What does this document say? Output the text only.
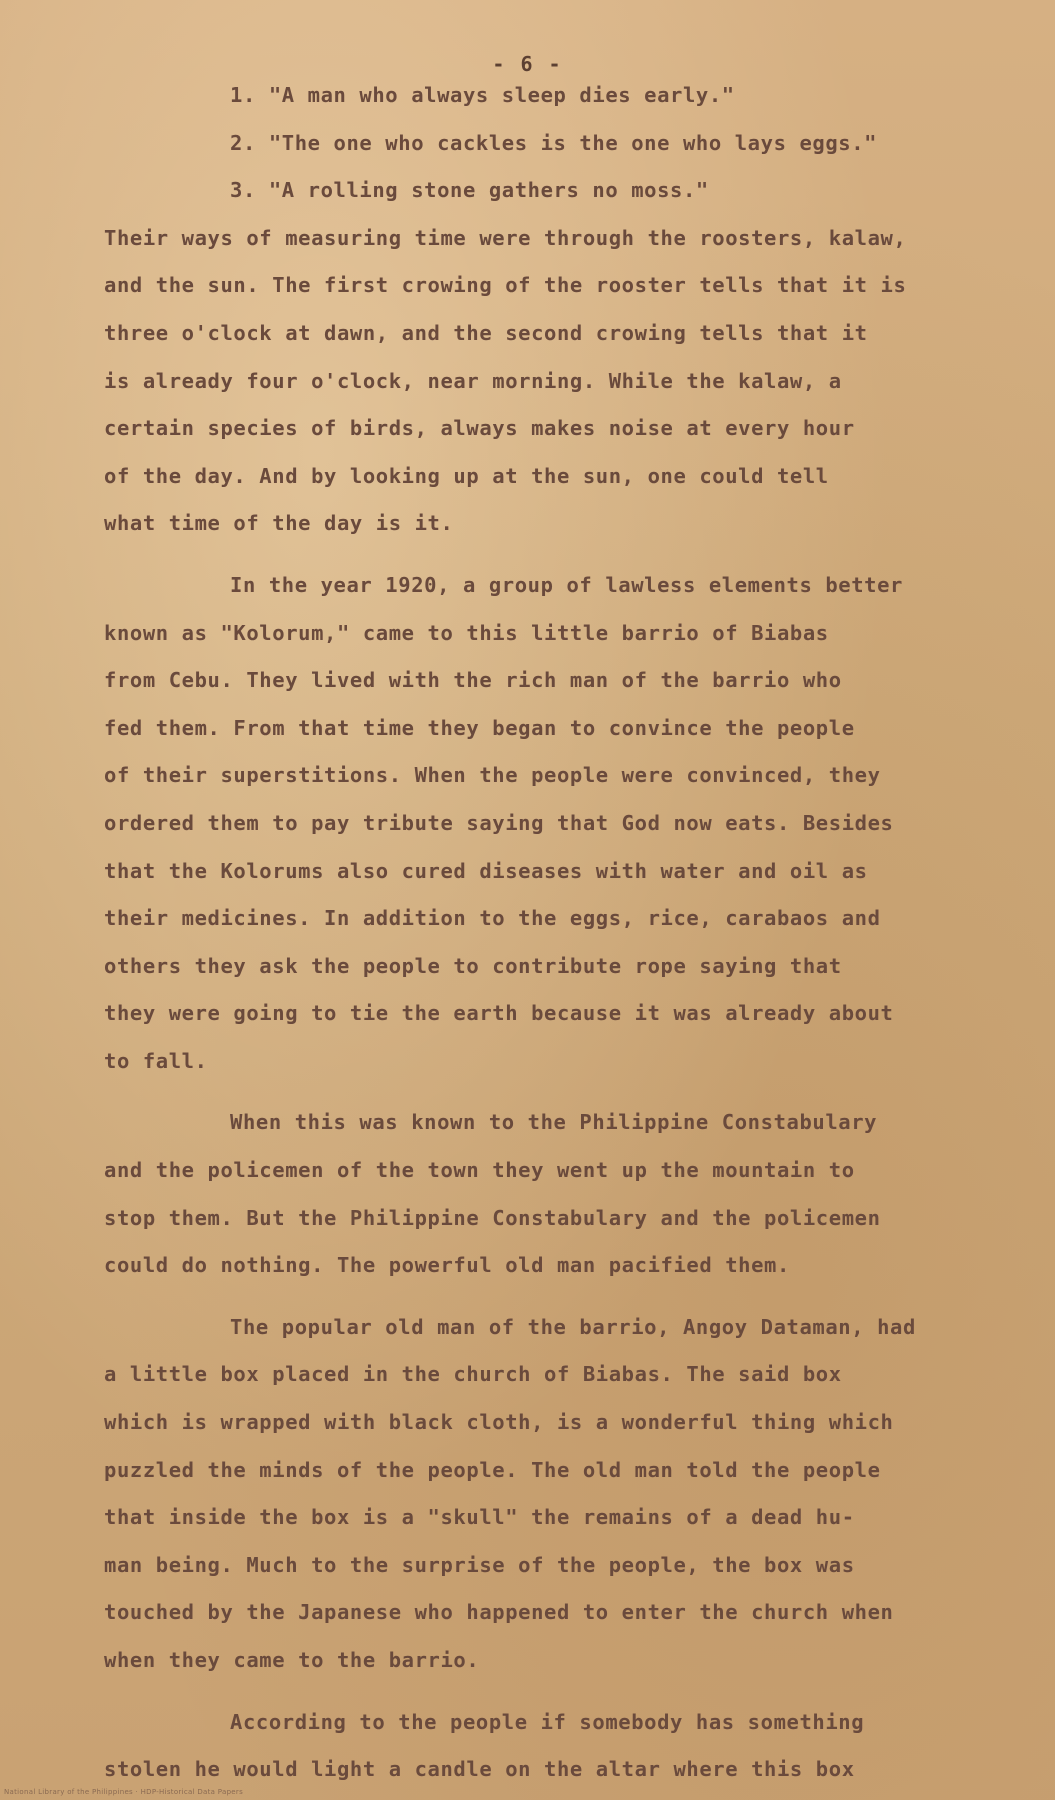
- 6 -
1. "A man who always sleep dies early."
2. "The one who cackles is the one who lays eggs."
3. "A rolling stone gathers no moss."
Their ways of measuring time were through the roosters, kalaw,
and the sun. The first crowing of the rooster tells that it is
three o'clock at dawn, and the second crowing tells that it
is already four o'clock, near morning. While the kalaw, a
certain species of birds, always makes noise at every hour
of the day. And by looking up at the sun, one could tell
what time of the day is it.
In the year 1920, a group of lawless elements better
known as "Kolorum," came to this little barrio of Biabas
from Cebu. They lived with the rich man of the barrio who
fed them. From that time they began to convince the people
of their superstitions. When the people were convinced, they
ordered them to pay tribute saying that God now eats. Besides
that the Kolorums also cured diseases with water and oil as
their medicines. In addition to the eggs, rice, carabaos and
others they ask the people to contribute rope saying that
they were going to tie the earth because it was already about
to fall.
When this was known to the Philippine Constabulary
and the policemen of the town they went up the mountain to
stop them. But the Philippine Constabulary and the policemen
could do nothing. The powerful old man pacified them.
The popular old man of the barrio, Angoy Dataman, had
a little box placed in the church of Biabas. The said box
which is wrapped with black cloth, is a wonderful thing which
puzzled the minds of the people. The old man told the people
that inside the box is a "skull" the remains of a dead hu-
man being. Much to the surprise of the people, the box was
touched by the Japanese who happened to enter the church when
when they came to the barrio.
According to the people if somebody has something
stolen he would light a candle on the altar where this box
National Library of the Philippines · HDP-Historical Data Papers
